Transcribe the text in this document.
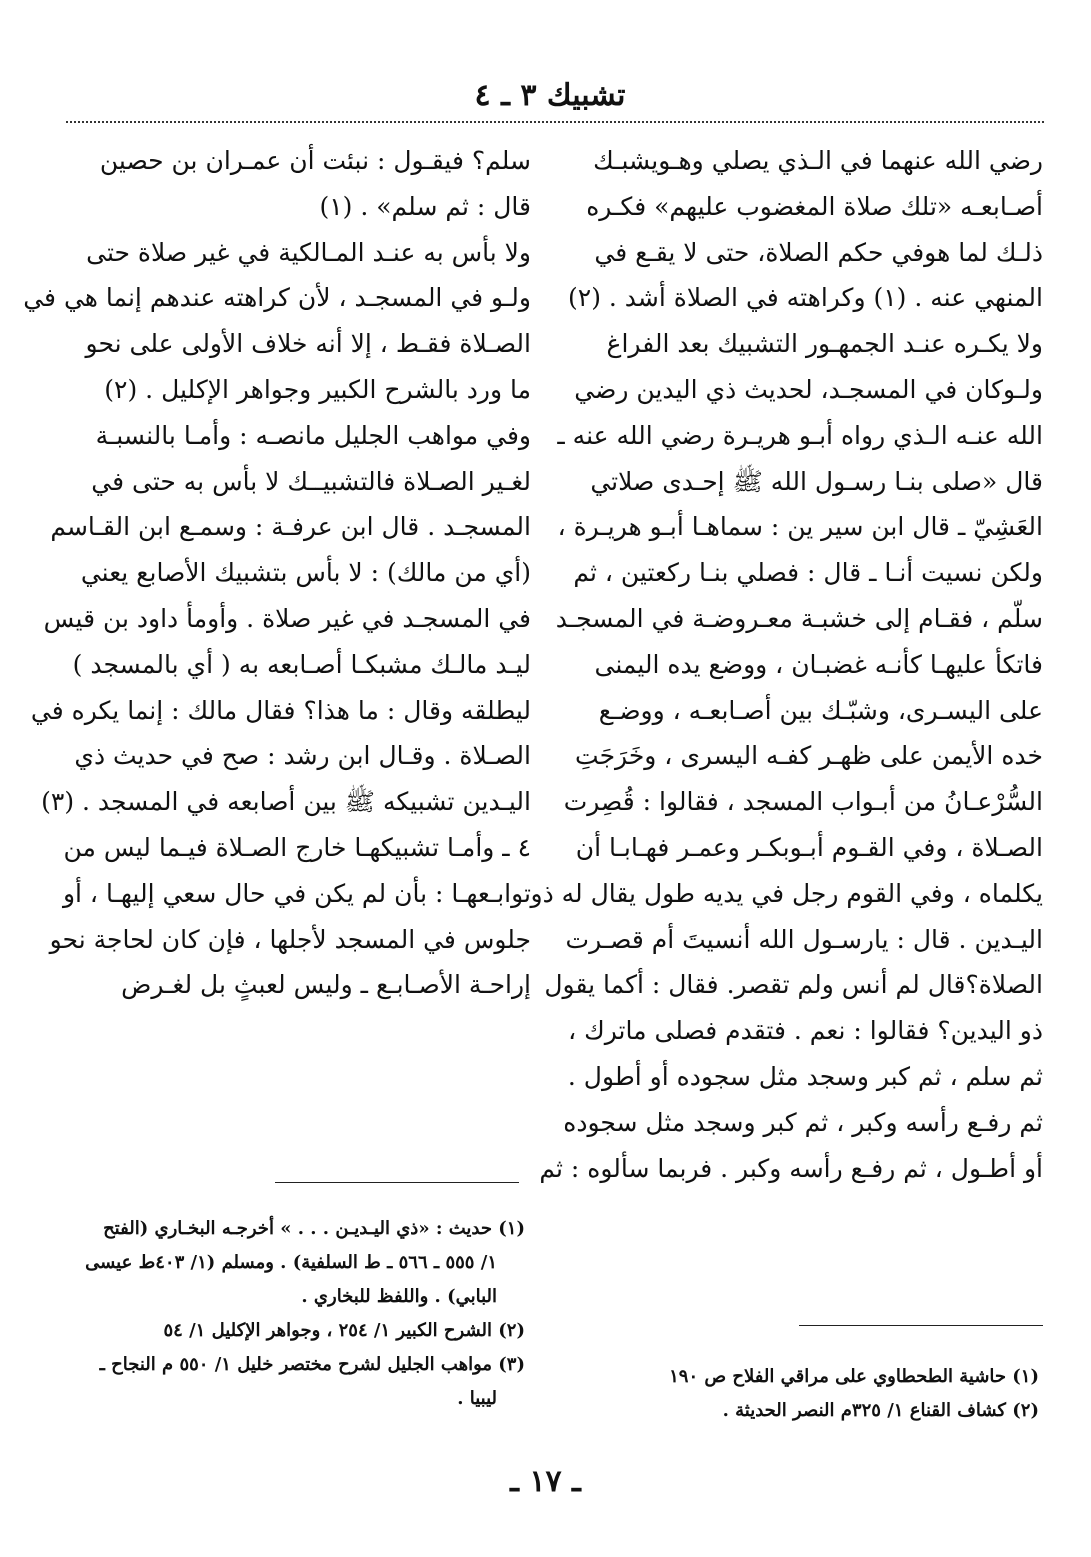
تشبيك ٣ ـ ٤
رضي الله عنهما في الـذي يصلي وهـويشبـك
أصـابعـه «تلك صلاة المغضوب عليهم» فكـره
ذلـك لما هوفي حكم الصلاة، حتى لا يقـع في
المنهي عنه . (١) وكراهته في الصلاة أشد . (٢)
ولا يكـره عنـد الجمهـور التشبيك بعد الفراغ
ولـوكان في المسجـد، لحديث ذي اليدين رضي
الله عنـه الـذي رواه أبـو هريـرة رضي الله عنه ـ
قال «صلى بنـا رسـول الله ﷺ إحـدى صلاتي
العَشِيّ ـ قال ابن سير ين : سماهـا أبـو هريـرة ،
ولكن نسيت أنـا ـ قال : فصلي بنـا ركعتين ، ثم
سلّم ، فقـام إلى خشبـة معـروضـة في المسجـد
فاتكأ عليهـا كأنـه غضبـان ، ووضع يده اليمنى
على اليسـرى، وشبّـك بين أصـابعـه ، ووضـع
خده الأيمن على ظهـر كفـه اليسرى ، وخَرَجَتِ
السُّرْعـانُ من أبـواب المسجد ، فقالوا : قُصِرت
الصـلاة ، وفي القـوم أبـوبكـر وعمـر فهـابـا أن
يكلماه ، وفي القوم رجل في يديه طول يقال له ذو
اليـدين . قال : يارسـول الله أنسيتَ أم قصـرت
الصلاة؟قال لم أنس ولم تقصر. فقال : أكما يقول
ذو اليدين؟ فقالوا : نعم . فتقدم فصلى ماترك ،
ثم سلم ، ثم كبر وسجد مثل سجوده أو أطول .
ثم رفـع رأسه وكبر ، ثم كبر وسجد مثل سجوده
أو أطـول ، ثم رفـع رأسه وكبر . فربما سألوه : ثم
سلم؟ فيقـول : نبئت أن عمـران بن حصين
قال : ثم سلم» . (١)
ولا بأس به عنـد المـالكية في غير صلاة حتى
ولـو في المسجـد ، لأن كراهته عندهم إنما هي في
الصـلاة فقـط ، إلا أنه خلاف الأولى على نحو
ما ورد بالشرح الكبير وجواهر الإكليل . (٢)
وفي مواهب الجليل مانصـه : وأمـا بالنسبـة
لغـير الصـلاة فالتشبيــك لا بأس به حتى في
المسجـد . قال ابن عرفـة : وسمـع ابن القـاسم
(أي من مالك) : لا بأس بتشبيك الأصابع يعني
في المسجـد في غير صلاة . وأومأ داود بن قيس
ليـد مالـك مشبكـا أصـابعه به ( أي بالمسجد )
ليطلقه وقال : ما هذا؟ فقال مالك : إنما يكره في
الصـلاة . وقـال ابن رشد : صح في حديث ذي
اليـدين تشبيكه ﷺ بين أصابعه في المسجد . (٣)
٤ ـ وأمـا تشبيكهـا خارج الصـلاة فيـما ليس من
توابـعهـا : بأن لم يكن في حال سعي إليهـا ، أو
جلوس في المسجد لأجلها ، فإن كان لحاجة نحو
إراحـة الأصـابـع ـ وليس لعبثٍ بل لغـرض
(١) حاشية الطحطاوي على مراقي الفلاح ص ١٩٠
(٢) كشاف القناع ١/ ٣٢٥م النصر الحديثة .
(١) حديث : «ذي اليـديـن . . . » أخرجـه البخـاري (الفتح
١/ ٥٥٥ ـ ٥٦٦ ـ ط السلفية) . ومسلم (١/ ٤٠٣ط عيسى
البابي) . واللفظ للبخاري .
(٢) الشرح الكبير ١/ ٢٥٤ ، وجواهر الإكليل ١/ ٥٤
(٣) مواهب الجليل لشرح مختصر خليل ١/ ٥٥٠ م النجاح ـ
ليبيا .
ـ ١٧ ـ
